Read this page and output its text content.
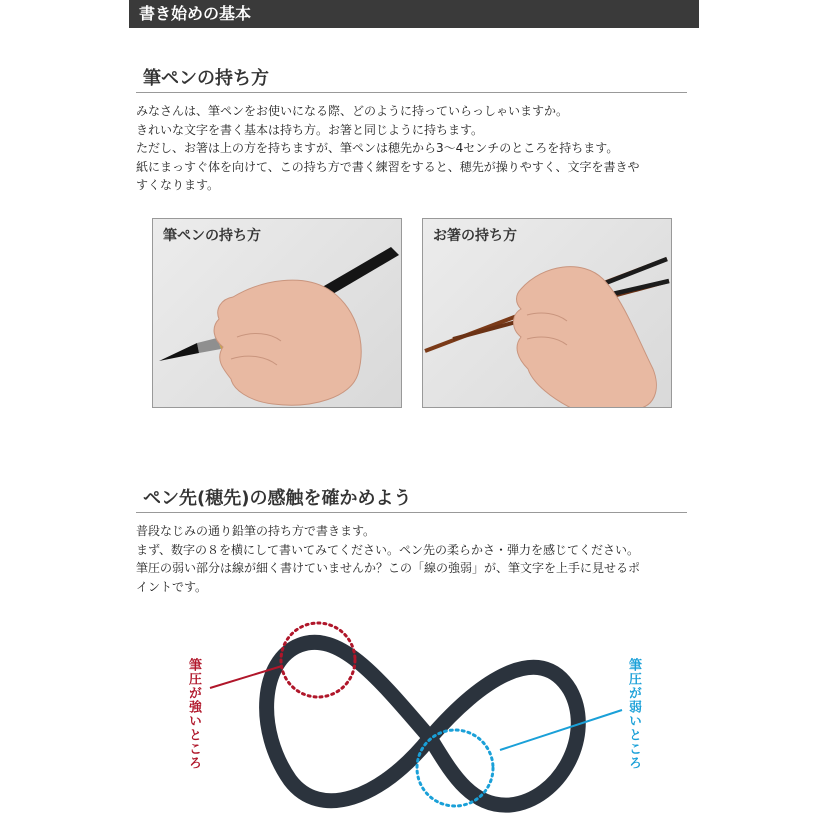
書き始めの基本
筆ペンの持ち方

みなさんは、筆ペンをお使いになる際、どのように持っていらっしゃいますか。

きれいな文字を書く基本は持ち方。お箸と同じように持ちます。

ただし、お箸は上の方を持ちますが、筆ペンは穂先から3〜4センチのところを持ちます。

紙にまっすぐ体を向けて、この持ち方で書く練習をすると、穂先が操りやすく、文字を書きや

すくなります。

筆ペンの持ち方	お箸の持ち方
ペン先(穂先)の感触を確かめよう

普段なじみの通り鉛筆の持ち方で書きます。

まず、数字の８を横にして書いてみてください。ペン先の柔らかさ・弾力を感じてください。

筆圧の弱い部分は線が細く書けていませんか？この「線の強弱」が、筆文字を上手に見せるポ

イントです。

筆圧が強いところ	筆圧が弱いところ
